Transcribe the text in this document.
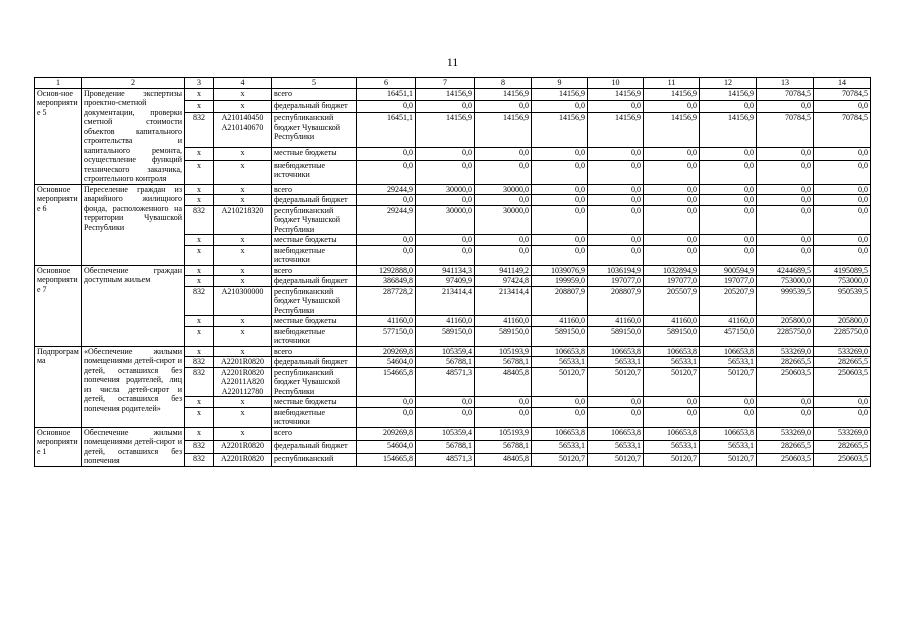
11
1	2	3	4	5	6	7	8	9	10	11	12	13	14
Основ-ное мероприятие 5	Проведение экспертизы проектно-сметной документации, проверки сметной стоимости объектов капитального строительства и капитального ремонта, осуществление функций технического заказчика, строительного контроля	х	х	всего	16451,1	14156,9	14156,9	14156,9	14156,9	14156,9	14156,9	70784,5	70784,5
		х	х	федеральный бюджет	0,0	0,0	0,0	0,0	0,0	0,0	0,0	0,0	0,0
		832	А210140450 А210140670	республиканский бюджет Чувашской Республики	16451,1	14156,9	14156,9	14156,9	14156,9	14156,9	14156,9	70784,5	70784,5
		х	х	местные бюджеты	0,0	0,0	0,0	0,0	0,0	0,0	0,0	0,0	0,0
		х	х	внебюджетные источники	0,0	0,0	0,0	0,0	0,0	0,0	0,0	0,0	0,0
Основное мероприятие 6	Переселение граждан из аварийного жилищного фонда, расположенного на территории Чувашской Республики	х	х	всего	29244,9	30000,0	30000,0	0,0	0,0	0,0	0,0	0,0	0,0
		х	х	федеральный бюджет	0,0	0,0	0,0	0,0	0,0	0,0	0,0	0,0	0,0
		832	А210218320	республиканский бюджет Чувашской Республики	29244,9	30000,0	30000,0	0,0	0,0	0,0	0,0	0,0	0,0
		х	х	местные бюджеты	0,0	0,0	0,0	0,0	0,0	0,0	0,0	0,0	0,0
		х	х	внебюджетные источники	0,0	0,0	0,0	0,0	0,0	0,0	0,0	0,0	0,0
Основное мероприятие 7	Обеспечение граждан доступным жильем	х	х	всего	1292888,0	941134,3	941149,2	1039076,9	1036194,9	1032894,9	900594,9	4244689,5	4195089,5
		х	х	федеральный бюджет	386849,8	97409,9	97424,8	199959,0	197077,0	197077,0	197077,0	753000,0	753000,0
		832	А210300000	республиканский бюджет Чувашской Республики	287728,2	213414,4	213414,4	208807,9	208807,9	205507,9	205207,9	999539,5	950539,5
		х	х	местные бюджеты	41160,0	41160,0	41160,0	41160,0	41160,0	41160,0	41160,0	205800,0	205800,0
		х	х	внебюджетные источники	577150,0	589150,0	589150,0	589150,0	589150,0	589150,0	457150,0	2285750,0	2285750,0
Подпрограмма	«Обеспечение жилыми помещениями детей-сирот и детей, оставшихся без попечения родителей, лиц из числа детей-сирот и детей, оставшихся без попечения родителей»	х	х	всего	209269,8	105359,4	105193,9	106653,8	106653,8	106653,8	106653,8	533269,0	533269,0
		832	А2201R0820	федеральный бюджет	54604,0	56788,1	56788,1	56533,1	56533,1	56533,1	56533,1	282665,5	282665,5
		832	А2201R0820 А22011А820 А220112780	республиканский бюджет Чувашской Республики	154665,8	48571,3	48405,8	50120,7	50120,7	50120,7	50120,7	250603,5	250603,5
		х	х	местные бюджеты	0,0	0,0	0,0	0,0	0,0	0,0	0,0	0,0	0,0
		х	х	внебюджетные источники	0,0	0,0	0,0	0,0	0,0	0,0	0,0	0,0	0,0
Основное мероприятие 1	Обеспечение жилыми помещениями детей-сирот и детей, оставшихся без попечения	х	х	всего	209269,8	105359,4	105193,9	106653,8	106653,8	106653,8	106653,8	533269,0	533269,0
		832	А2201R0820	федеральный бюджет	54604,0	56788,1	56788,1	56533,1	56533,1	56533,1	56533,1	282665,5	282665,5
		832	А2201R0820	республиканский	154665,8	48571,3	48405,8	50120,7	50120,7	50120,7	50120,7	250603,5	250603,5
